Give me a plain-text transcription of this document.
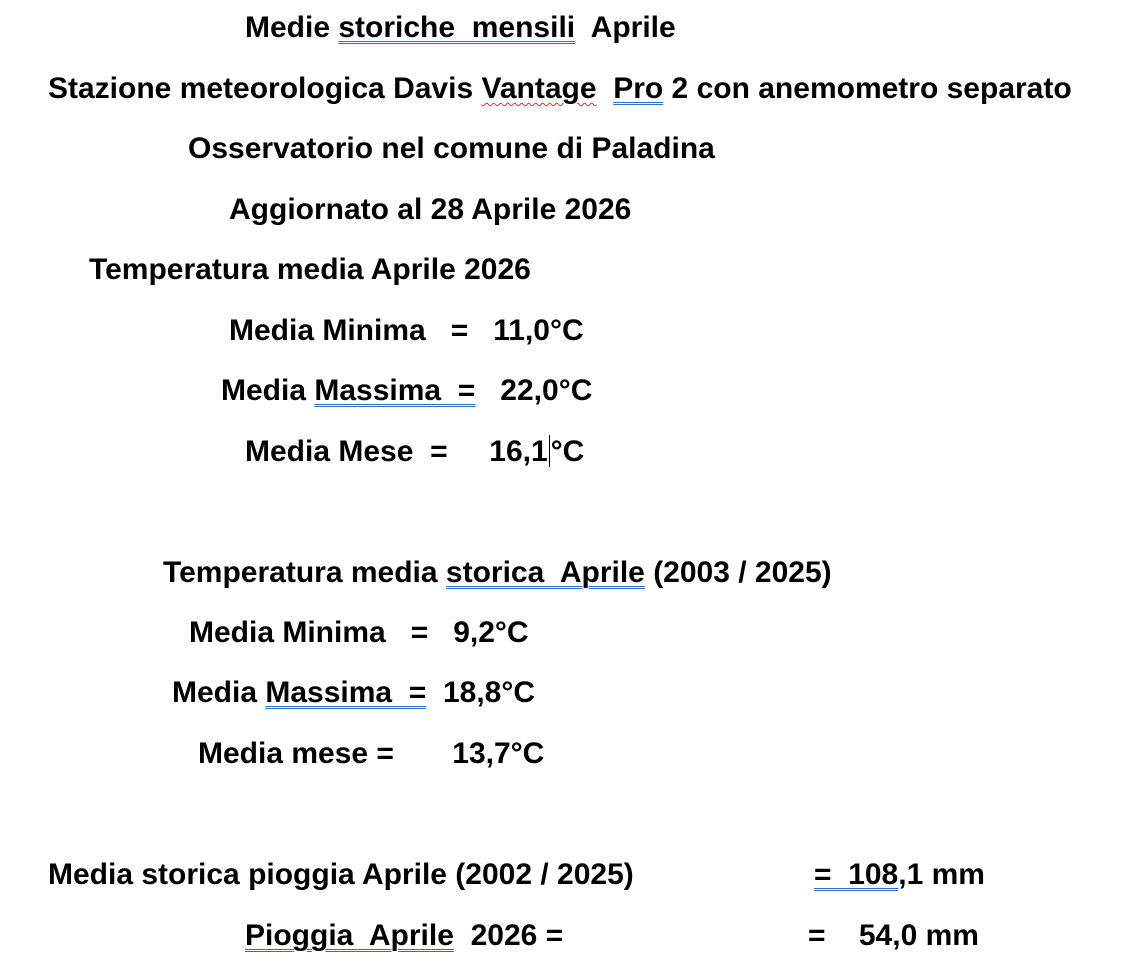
Medie storiche  mensili  Aprile
Stazione meteorologica Davis Vantage Pro 2 con anemometro separato
Osservatorio nel comune di Paladina
Aggiornato al 28 Aprile 2026
Temperatura media Aprile 2026
Media Minima   =   11,0°C
Media Massima  =   22,0°C
Media Mese  =     16,1 °C
Temperatura media storica  Aprile (2003 / 2025)
Media Minima   =   9,2°C
Media Massima  =  18,8°C
Media mese =       13,7°C
Media storica pioggia Aprile (2002 / 2025)	=  108,1 mm
Pioggia  Aprile  2026 =	=    54,0 mm
